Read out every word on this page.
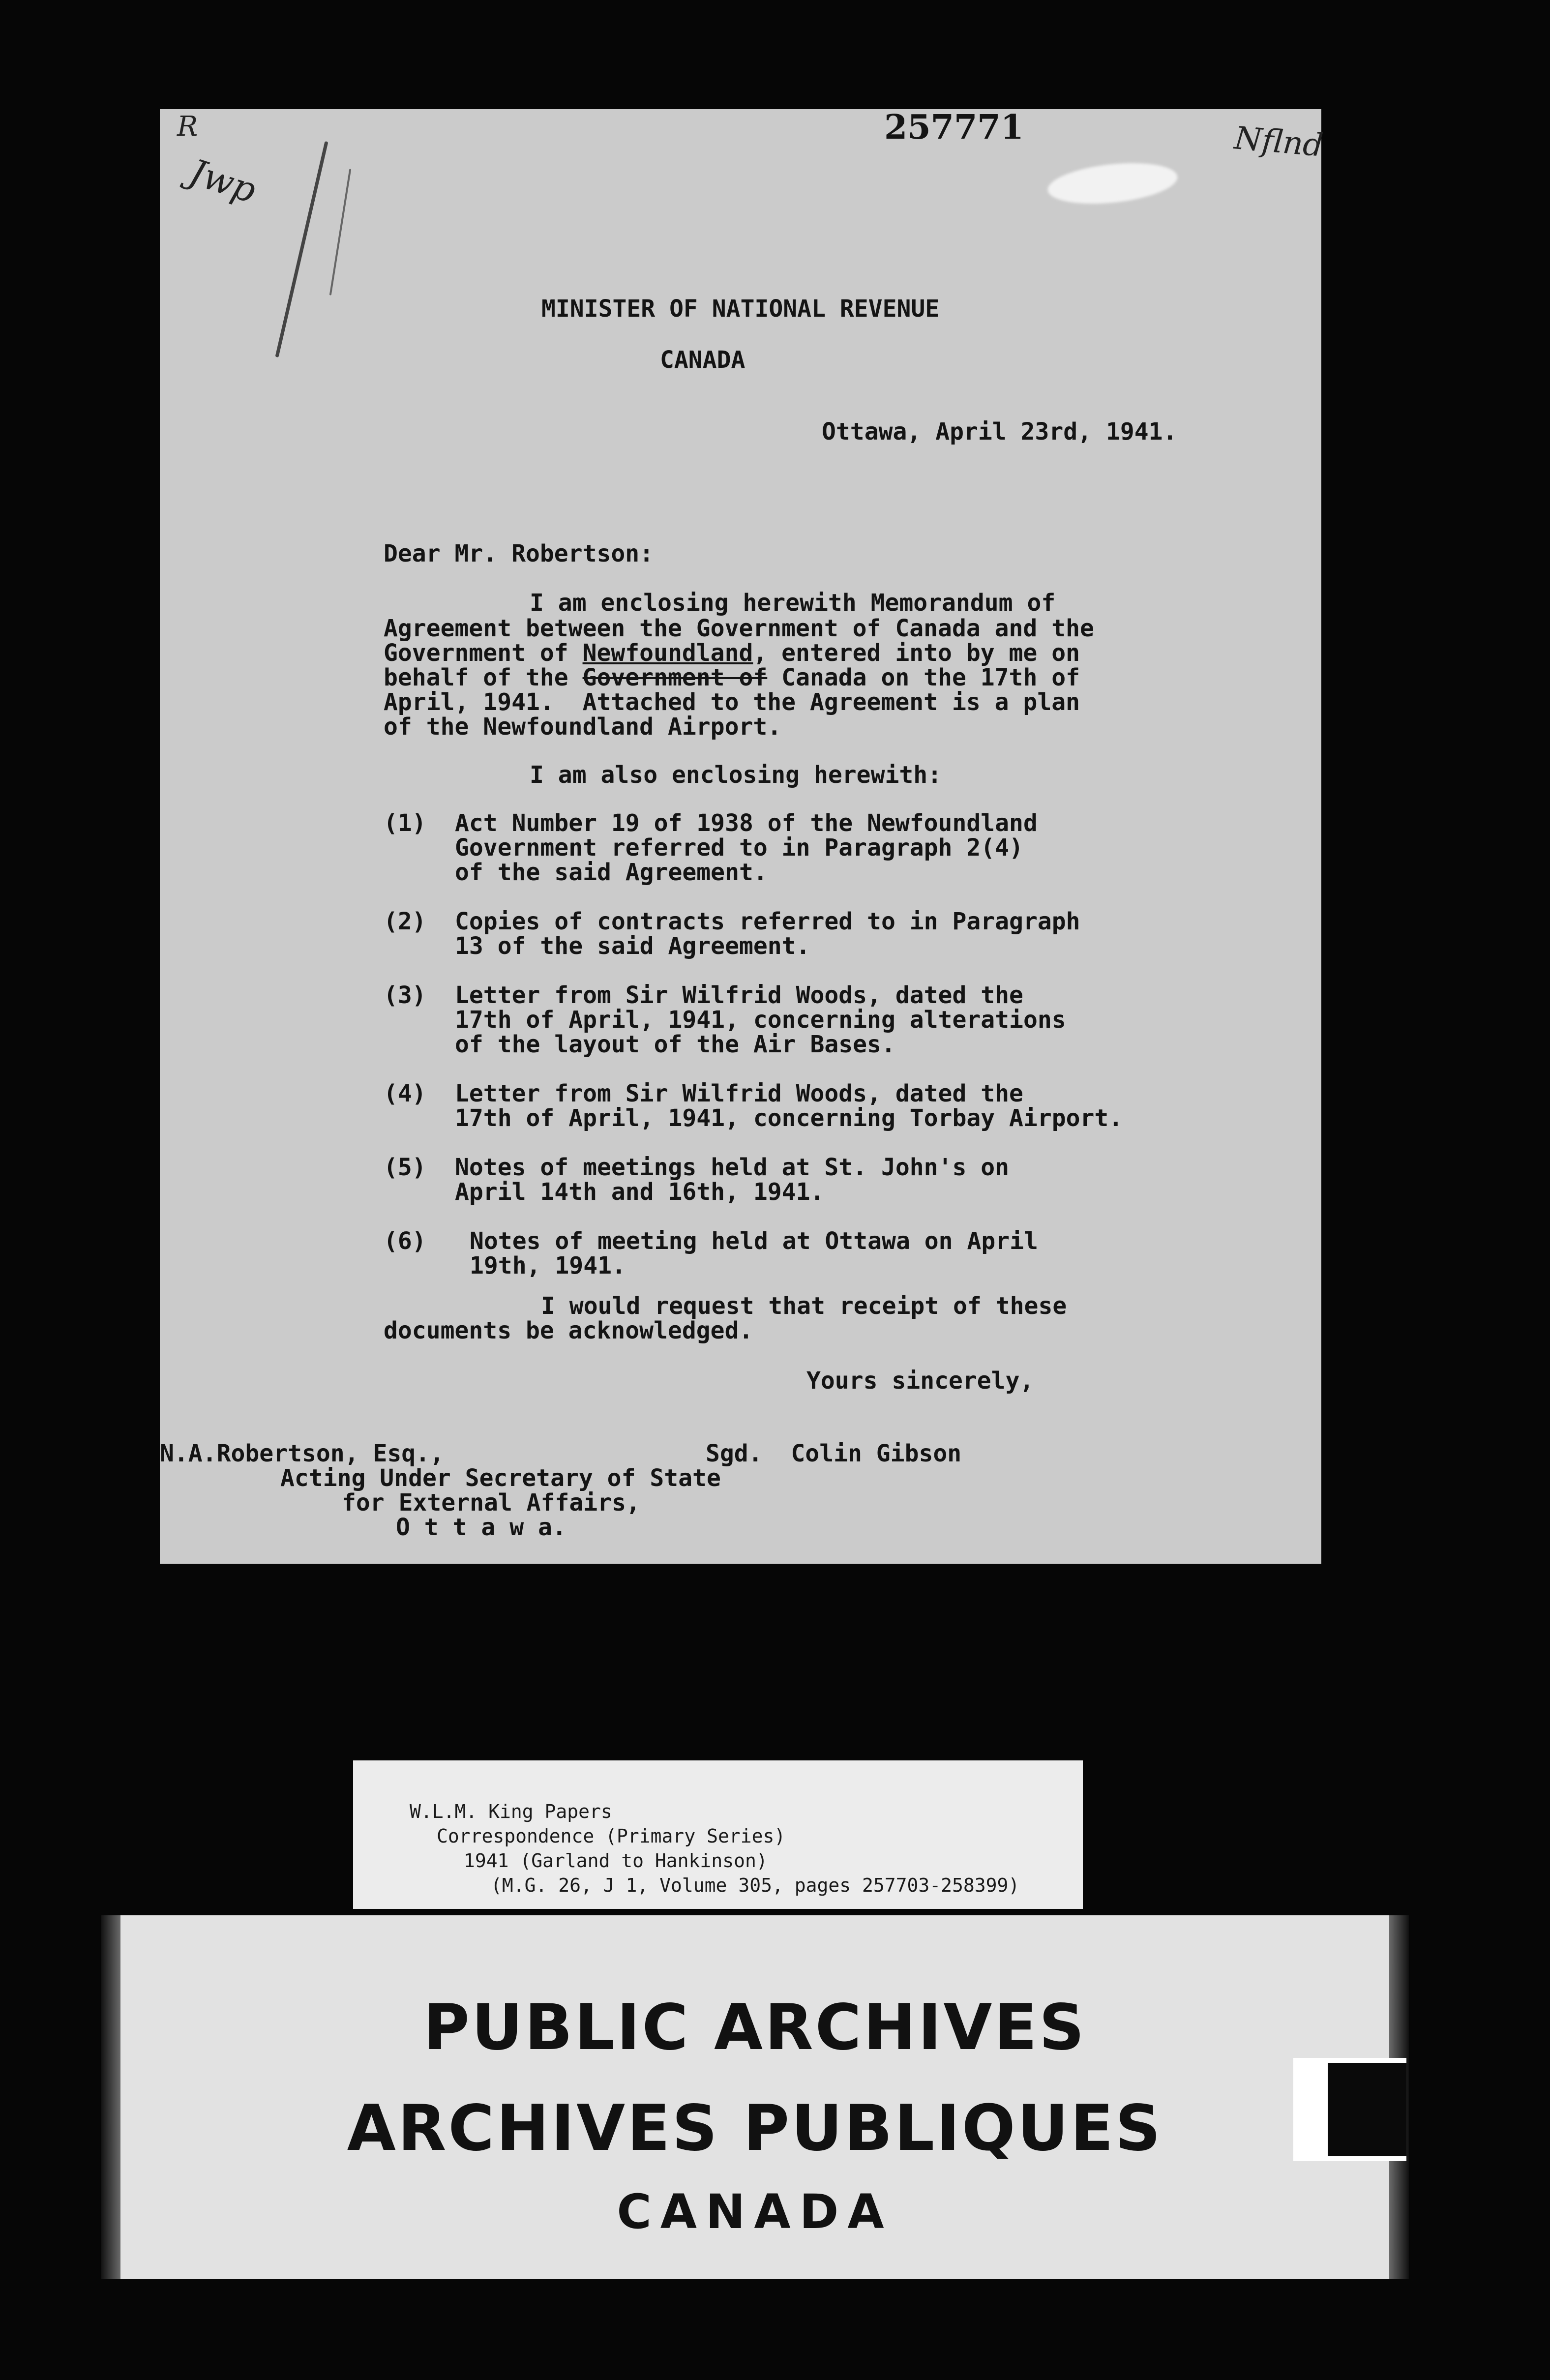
R
Jwp
257771	Nflnd
MINISTER OF NATIONAL REVENUE
CANADA
Ottawa, April 23rd, 1941.
Dear Mr. Robertson:
I am enclosing herewith Memorandum of
Agreement between the Government of Canada and the
Government of Newfoundland, entered into by me on
behalf of the Government of Canada on the 17th of
April, 1941.  Attached to the Agreement is a plan
of the Newfoundland Airport.
I am also enclosing herewith:
(1) Act Number 19 of 1938 of the Newfoundland
Government referred to in Paragraph 2(4)
of the said Agreement.
(2) Copies of contracts referred to in Paragraph
13 of the said Agreement.
(3) Letter from Sir Wilfrid Woods, dated the
17th of April, 1941, concerning alterations
of the layout of the Air Bases.
(4) Letter from Sir Wilfrid Woods, dated the
17th of April, 1941, concerning Torbay Airport.
(5) Notes of meetings held at St. John's on
April 14th and 16th, 1941.
(6) Notes of meeting held at Ottawa on April
19th, 1941.
I would request that receipt of these
documents be acknowledged.
Yours sincerely,
N.A.Robertson, Esq.,	Sgd.  Colin Gibson
Acting Under Secretary of State
for External Affairs,
O t t a w a.
W.L.M. King Papers
Correspondence (Primary Series)
1941 (Garland to Hankinson)
(M.G. 26, J 1, Volume 305, pages 257703-258399)
PUBLIC ARCHIVES
ARCHIVES PUBLIQUES
CANADA
